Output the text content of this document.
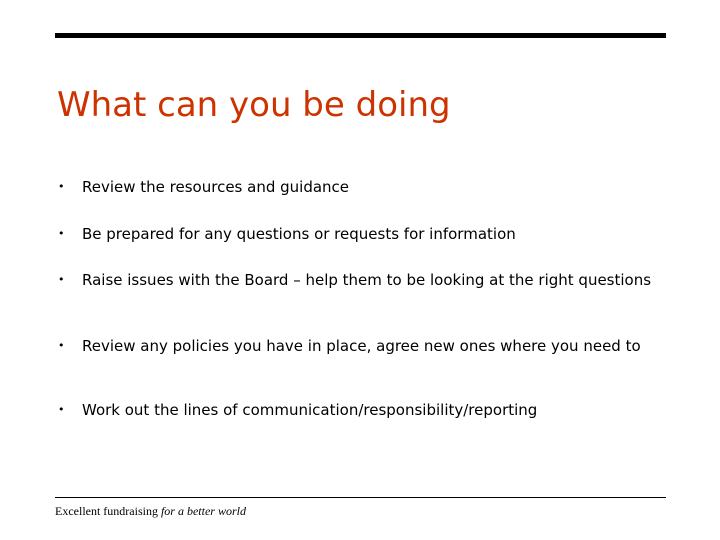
What can you be doing
• Review the resources and guidance
• Be prepared for any questions or requests for information
• Raise issues with the Board – help them to be looking at the right questions
• Review any policies you have in place, agree new ones where you need to
• Work out the lines of communication/responsibility/reporting
Excellent fundraising for a better world
